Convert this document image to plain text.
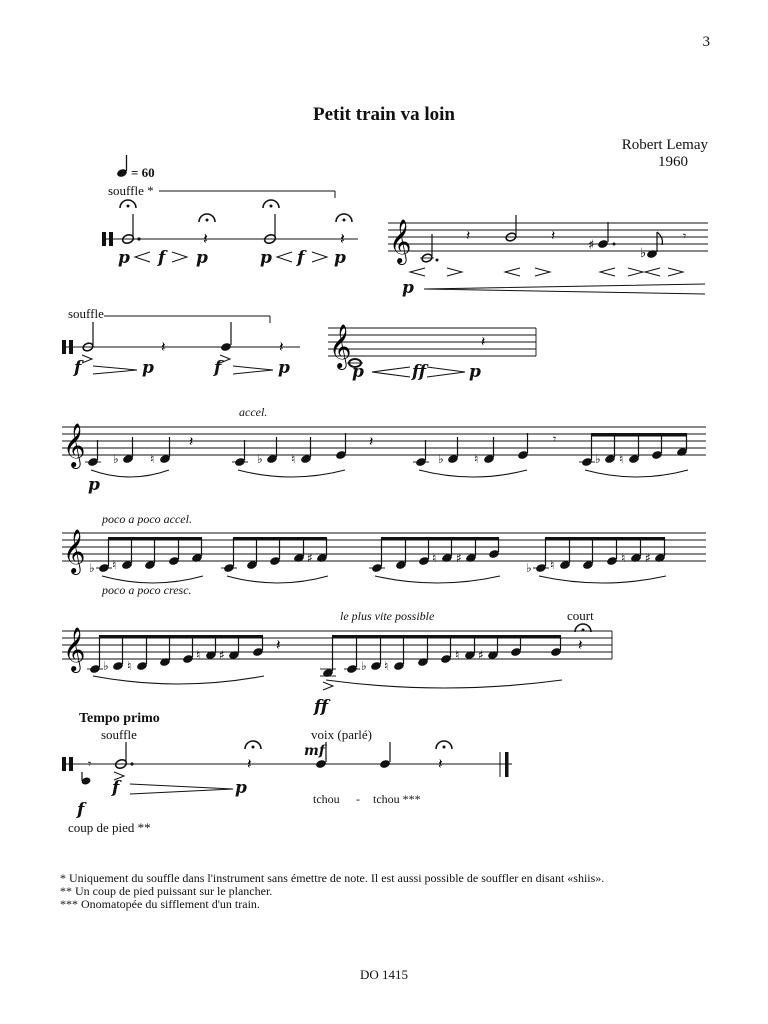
3
Petit train va loin
Robert Lemay
1960
𝄽	𝄽 𝄞	𝄽	𝄽
♯
♭
𝄾
𝄽	𝄽 𝄞	𝄽
𝄞 ♭	♮
𝄽
♭ ♮
𝄽
♭	♮
𝄾
♭ ♮
𝄞 ♭ ♮	♯	♮ ♯
♭ ♮	♮ ♯
𝄞 ♭ ♮
♮ ♯
♭ ♮
♮ ♯
𝄽	𝄽
𝄾	𝄽	𝄽
= 60
souffle *
p f p	p f p
p
souffle
f	p	f	p	p	ff	p
accel.
p
poco a poco accel.
poco a poco cresc.
le plus vite possible	court
ff
Tempo primo
souffle	voix (parlé)
f
f	p
mf
tchou - tchou ***
coup de pied **
* Uniquement du souffle dans l'instrument sans émettre de note. Il est aussi possible de souffler en disant «shiis».
** Un coup de pied puissant sur le plancher.
*** Onomatopée du sifflement d'un train.
DO 1415
